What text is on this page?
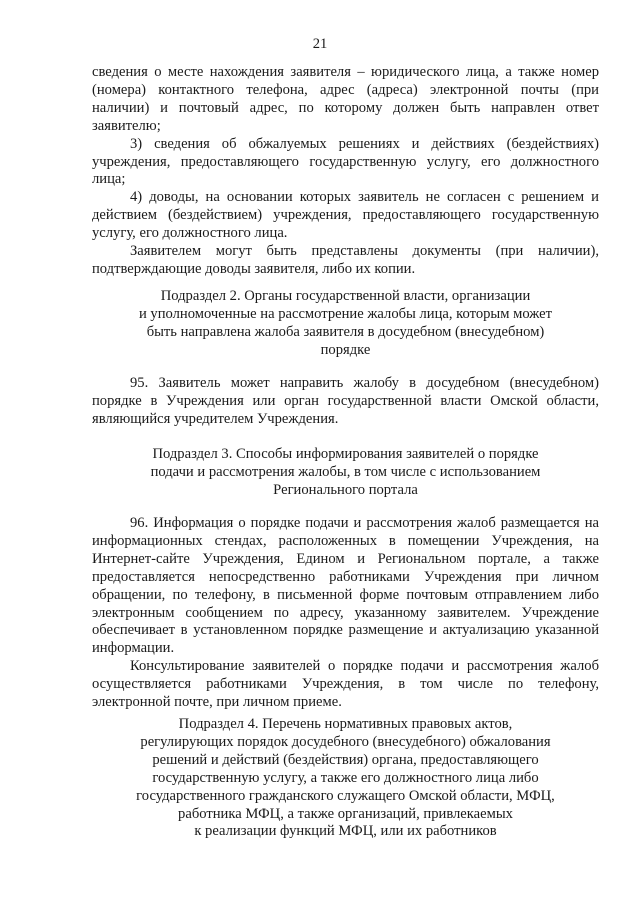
21

сведения о месте нахождения заявителя – юридического лица, а также номер (номера) контактного телефона, адрес (адреса) электронной почты (при наличии) и почтовый адрес, по которому должен быть направлен ответ заявителю;

3) сведения об обжалуемых решениях и действиях (бездействиях) учреждения, предоставляющего государственную услугу, его должностного лица;

4) доводы, на основании которых заявитель не согласен с решением и действием (бездействием) учреждения, предоставляющего государственную услугу, его должностного лица.

Заявителем могут быть представлены документы (при наличии), подтверждающие доводы заявителя, либо их копии.

Подраздел 2. Органы государственной власти, организации
и уполномоченные на рассмотрение жалобы лица, которым может
быть направлена жалоба заявителя в досудебном (внесудебном)
порядке

95. Заявитель может направить жалобу в досудебном (внесудебном) порядке в Учреждения или орган государственной власти Омской области, являющийся учредителем Учреждения.

Подраздел 3. Способы информирования заявителей о порядке
подачи и рассмотрения жалобы, в том числе с использованием
Регионального портала

96. Информация о порядке подачи и рассмотрения жалоб размещается на информационных стендах, расположенных в помещении Учреждения, на Интернет-сайте Учреждения, Едином и Региональном портале, а также предоставляется непосредственно работниками Учреждения при личном обращении, по телефону, в письменной форме почтовым отправлением либо электронным сообщением по адресу, указанному заявителем. Учреждение обеспечивает в установленном порядке размещение и актуализацию указанной информации.

Консультирование заявителей о порядке подачи и рассмотрения жалоб осуществляется работниками Учреждения, в том числе по телефону, электронной почте, при личном приеме.

Подраздел 4. Перечень нормативных правовых актов,
регулирующих порядок досудебного (внесудебного) обжалования
решений и действий (бездействия) органа, предоставляющего
государственную услугу, а также его должностного лица либо
государственного гражданского служащего Омской области, МФЦ,
работника МФЦ, а также организаций, привлекаемых
к реализации функций МФЦ, или их работников
